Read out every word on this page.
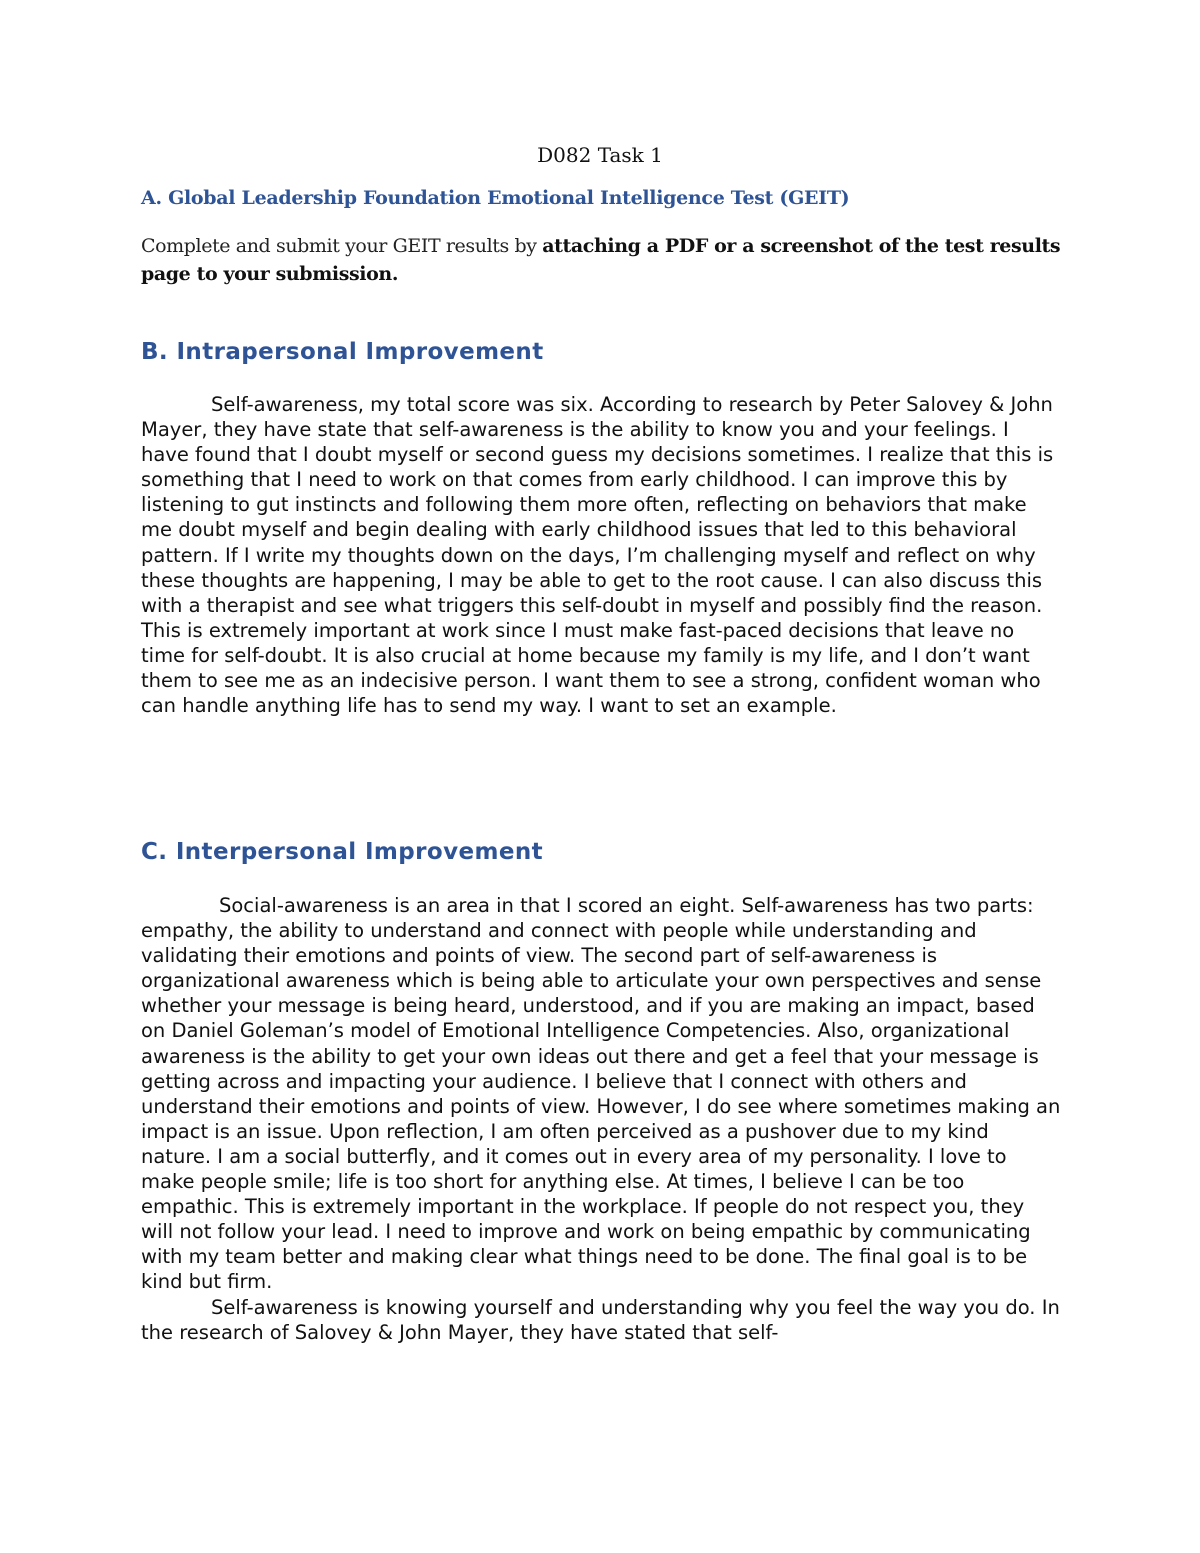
D082 Task 1
A. Global Leadership Foundation Emotional Intelligence Test (GEIT)

Complete and submit your GEIT results by attaching a PDF or a screenshot of the test results page to your submission.

B. Intrapersonal Improvement

Self-awareness, my total score was six. According to research by Peter Salovey & John Mayer, they have state that self-awareness is the ability to know you and your feelings. I have found that I doubt myself or second guess my decisions sometimes. I realize that this is something that I need to work on that comes from early childhood. I can improve this by listening to gut instincts and following them more often, reflecting on behaviors that make me doubt myself and begin dealing with early childhood issues that led to this behavioral pattern. If I write my thoughts down on the days, I’m challenging myself and reflect on why these thoughts are happening, I may be able to get to the root cause. I can also discuss this with a therapist and see what triggers this self-doubt in myself and possibly find the reason. This is extremely important at work since I must make fast-paced decisions that leave no time for self-doubt. It is also crucial at home because my family is my life, and I don’t want them to see me as an indecisive person. I want them to see a strong, confident woman who can handle anything life has to send my way. I want to set an example.

C. Interpersonal Improvement

Social-awareness is an area in that I scored an eight. Self-awareness has two parts: empathy, the ability to understand and connect with people while understanding and validating their emotions and points of view. The second part of self-awareness is organizational awareness which is being able to articulate your own perspectives and sense whether your message is being heard, understood, and if you are making an impact, based on Daniel Goleman’s model of Emotional Intelligence Competencies. Also, organizational awareness is the ability to get your own ideas out there and get a feel that your message is getting across and impacting your audience. I believe that I connect with others and understand their emotions and points of view. However, I do see where sometimes making an impact is an issue. Upon reflection, I am often perceived as a pushover due to my kind nature. I am a social butterfly, and it comes out in every area of my personality. I love to make people smile; life is too short for anything else. At times, I believe I can be too empathic. This is extremely important in the workplace. If people do not respect you, they will not follow your lead. I need to improve and work on being empathic by communicating with my team better and making clear what things need to be done. The final goal is to be kind but firm.

Self-awareness is knowing yourself and understanding why you feel the way you do. In the research of Salovey & John Mayer, they have stated that self-
